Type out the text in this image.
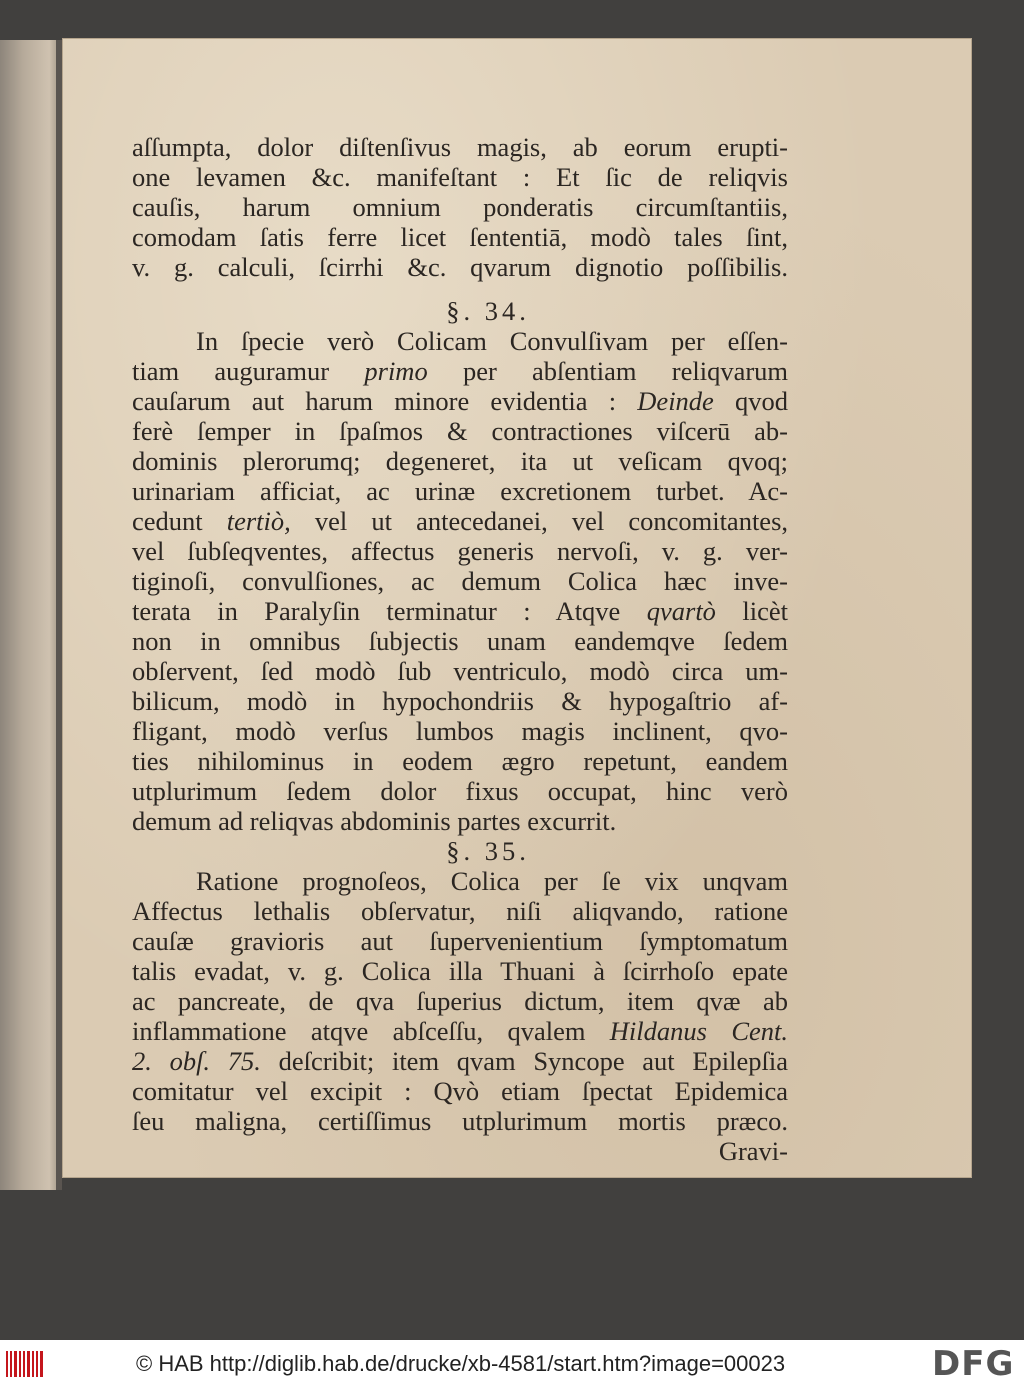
aſſumpta, dolor diſtenſivus magis, ab eorum erupti-
one levamen &c. manifeſtant : Et ſic de reliqvis
cauſis, harum omnium ponderatis circumſtantiis,
comodam ſatis ferre licet ſententiā, modò tales ſint,
v. g. calculi, ſcirrhi &c. qvarum dignotio poſſibilis.
§. 34.
In ſpecie verò Colicam Convulſivam per eſſen-
tiam auguramur primo per abſentiam reliqvarum
cauſarum aut harum minore evidentia : Deinde qvod
ferè ſemper in ſpaſmos & contractiones viſcerū ab-
dominis plerorumq; degeneret, ita ut veſicam qvoq;
urinariam afficiat, ac urinæ excretionem turbet. Ac-
cedunt tertiò, vel ut antecedanei, vel concomitantes,
vel ſubſeqventes, affectus generis nervoſi, v. g. ver-
tiginoſi, convulſiones, ac demum Colica hæc inve-
terata in Paralyſin terminatur : Atqve qvartò licèt
non in omnibus ſubjectis unam eandemqve ſedem
obſervent, ſed modò ſub ventriculo, modò circa um-
bilicum, modò in hypochondriis & hypogaſtrio af-
fligant, modò verſus lumbos magis inclinent, qvo-
ties nihilominus in eodem ægro repetunt, eandem
utplurimum ſedem dolor fixus occupat, hinc verò
demum ad reliqvas abdominis partes excurrit.
§. 35.
Ratione prognoſeos, Colica per ſe vix unqvam
Affectus lethalis obſervatur, niſi aliqvando, ratione
cauſæ gravioris aut ſupervenientium ſymptomatum
talis evadat, v. g. Colica illa Thuani à ſcirrhoſo epate
ac pancreate, de qva ſuperius dictum, item qvæ ab
inflammatione atqve abſceſſu, qvalem Hildanus Cent.
2. obſ. 75. deſcribit; item qvam Syncope aut Epilepſia
comitatur vel excipit : Qvò etiam ſpectat Epidemica
ſeu maligna, certiſſimus utplurimum mortis præco.
Gravi-
© HAB http://diglib.hab.de/drucke/xb-4581/start.htm?image=00023	DFG
